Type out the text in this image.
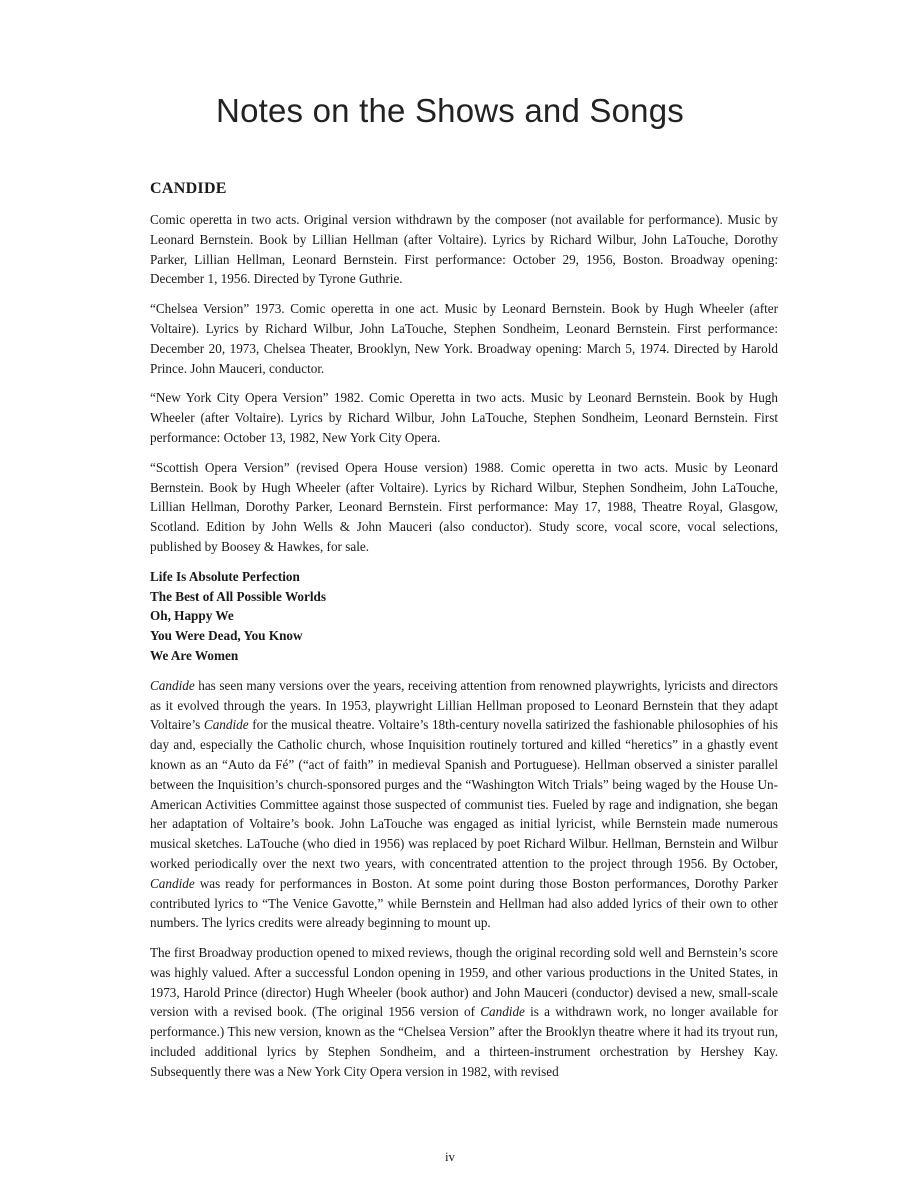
Notes on the Shows and Songs
CANDIDE

Comic operetta in two acts. Original version withdrawn by the composer (not available for performance). Music by Leonard Bernstein. Book by Lillian Hellman (after Voltaire). Lyrics by Richard Wilbur, John LaTouche, Dorothy Parker, Lillian Hellman, Leonard Bernstein. First performance: October 29, 1956, Boston. Broadway opening: December 1, 1956. Directed by Tyrone Guthrie.

“Chelsea Version” 1973. Comic operetta in one act. Music by Leonard Bernstein. Book by Hugh Wheeler (after Voltaire). Lyrics by Richard Wilbur, John LaTouche, Stephen Sondheim, Leonard Bernstein. First performance: December 20, 1973, Chelsea Theater, Brooklyn, New York. Broadway opening: March 5, 1974. Directed by Harold Prince. John Mauceri, conductor.

“New York City Opera Version” 1982. Comic Operetta in two acts. Music by Leonard Bernstein. Book by Hugh Wheeler (after Voltaire). Lyrics by Richard Wilbur, John LaTouche, Stephen Sondheim, Leonard Bernstein. First performance: October 13, 1982, New York City Opera.

“Scottish Opera Version” (revised Opera House version) 1988. Comic operetta in two acts. Music by Leonard Bernstein. Book by Hugh Wheeler (after Voltaire). Lyrics by Richard Wilbur, Stephen Sondheim, John LaTouche, Lillian Hellman, Dorothy Parker, Leonard Bernstein. First performance: May 17, 1988, Theatre Royal, Glasgow, Scotland. Edition by John Wells & John Mauceri (also conductor). Study score, vocal score, vocal selections, published by Boosey & Hawkes, for sale.

Life Is Absolute Perfection
The Best of All Possible Worlds
Oh, Happy We
You Were Dead, You Know
We Are Women

Candide has seen many versions over the years, receiving attention from renowned playwrights, lyricists and directors as it evolved through the years. In 1953, playwright Lillian Hellman proposed to Leonard Bernstein that they adapt Voltaire’s Candide for the musical theatre. Voltaire’s 18th-century novella satirized the fashionable philosophies of his day and, especially the Catholic church, whose Inquisition routinely tortured and killed “heretics” in a ghastly event known as an “Auto da Fé” (“act of faith” in medieval Spanish and Portuguese). Hellman observed a sinister parallel between the Inquisition’s church-sponsored purges and the “Washington Witch Trials” being waged by the House Un-American Activities Committee against those suspected of communist ties. Fueled by rage and indignation, she began her adaptation of Voltaire’s book. John LaTouche was engaged as initial lyricist, while Bernstein made numerous musical sketches. LaTouche (who died in 1956) was replaced by poet Richard Wilbur. Hellman, Bernstein and Wilbur worked periodically over the next two years, with concentrated attention to the project through 1956. By October, Candide was ready for performances in Boston. At some point during those Boston performances, Dorothy Parker contributed lyrics to “The Venice Gavotte,” while Bernstein and Hellman had also added lyrics of their own to other numbers. The lyrics credits were already beginning to mount up.

The first Broadway production opened to mixed reviews, though the original recording sold well and Bernstein’s score was highly valued. After a successful London opening in 1959, and other various productions in the United States, in 1973, Harold Prince (director) Hugh Wheeler (book author) and John Mauceri (conductor) devised a new, small-scale version with a revised book. (The original 1956 version of Candide is a withdrawn work, no longer available for performance.) This new version, known as the “Chelsea Version” after the Brooklyn theatre where it had its tryout run, included additional lyrics by Stephen Sondheim, and a thirteen-instrument orchestration by Hershey Kay. Subsequently there was a New York City Opera version in 1982, with revised

iv
